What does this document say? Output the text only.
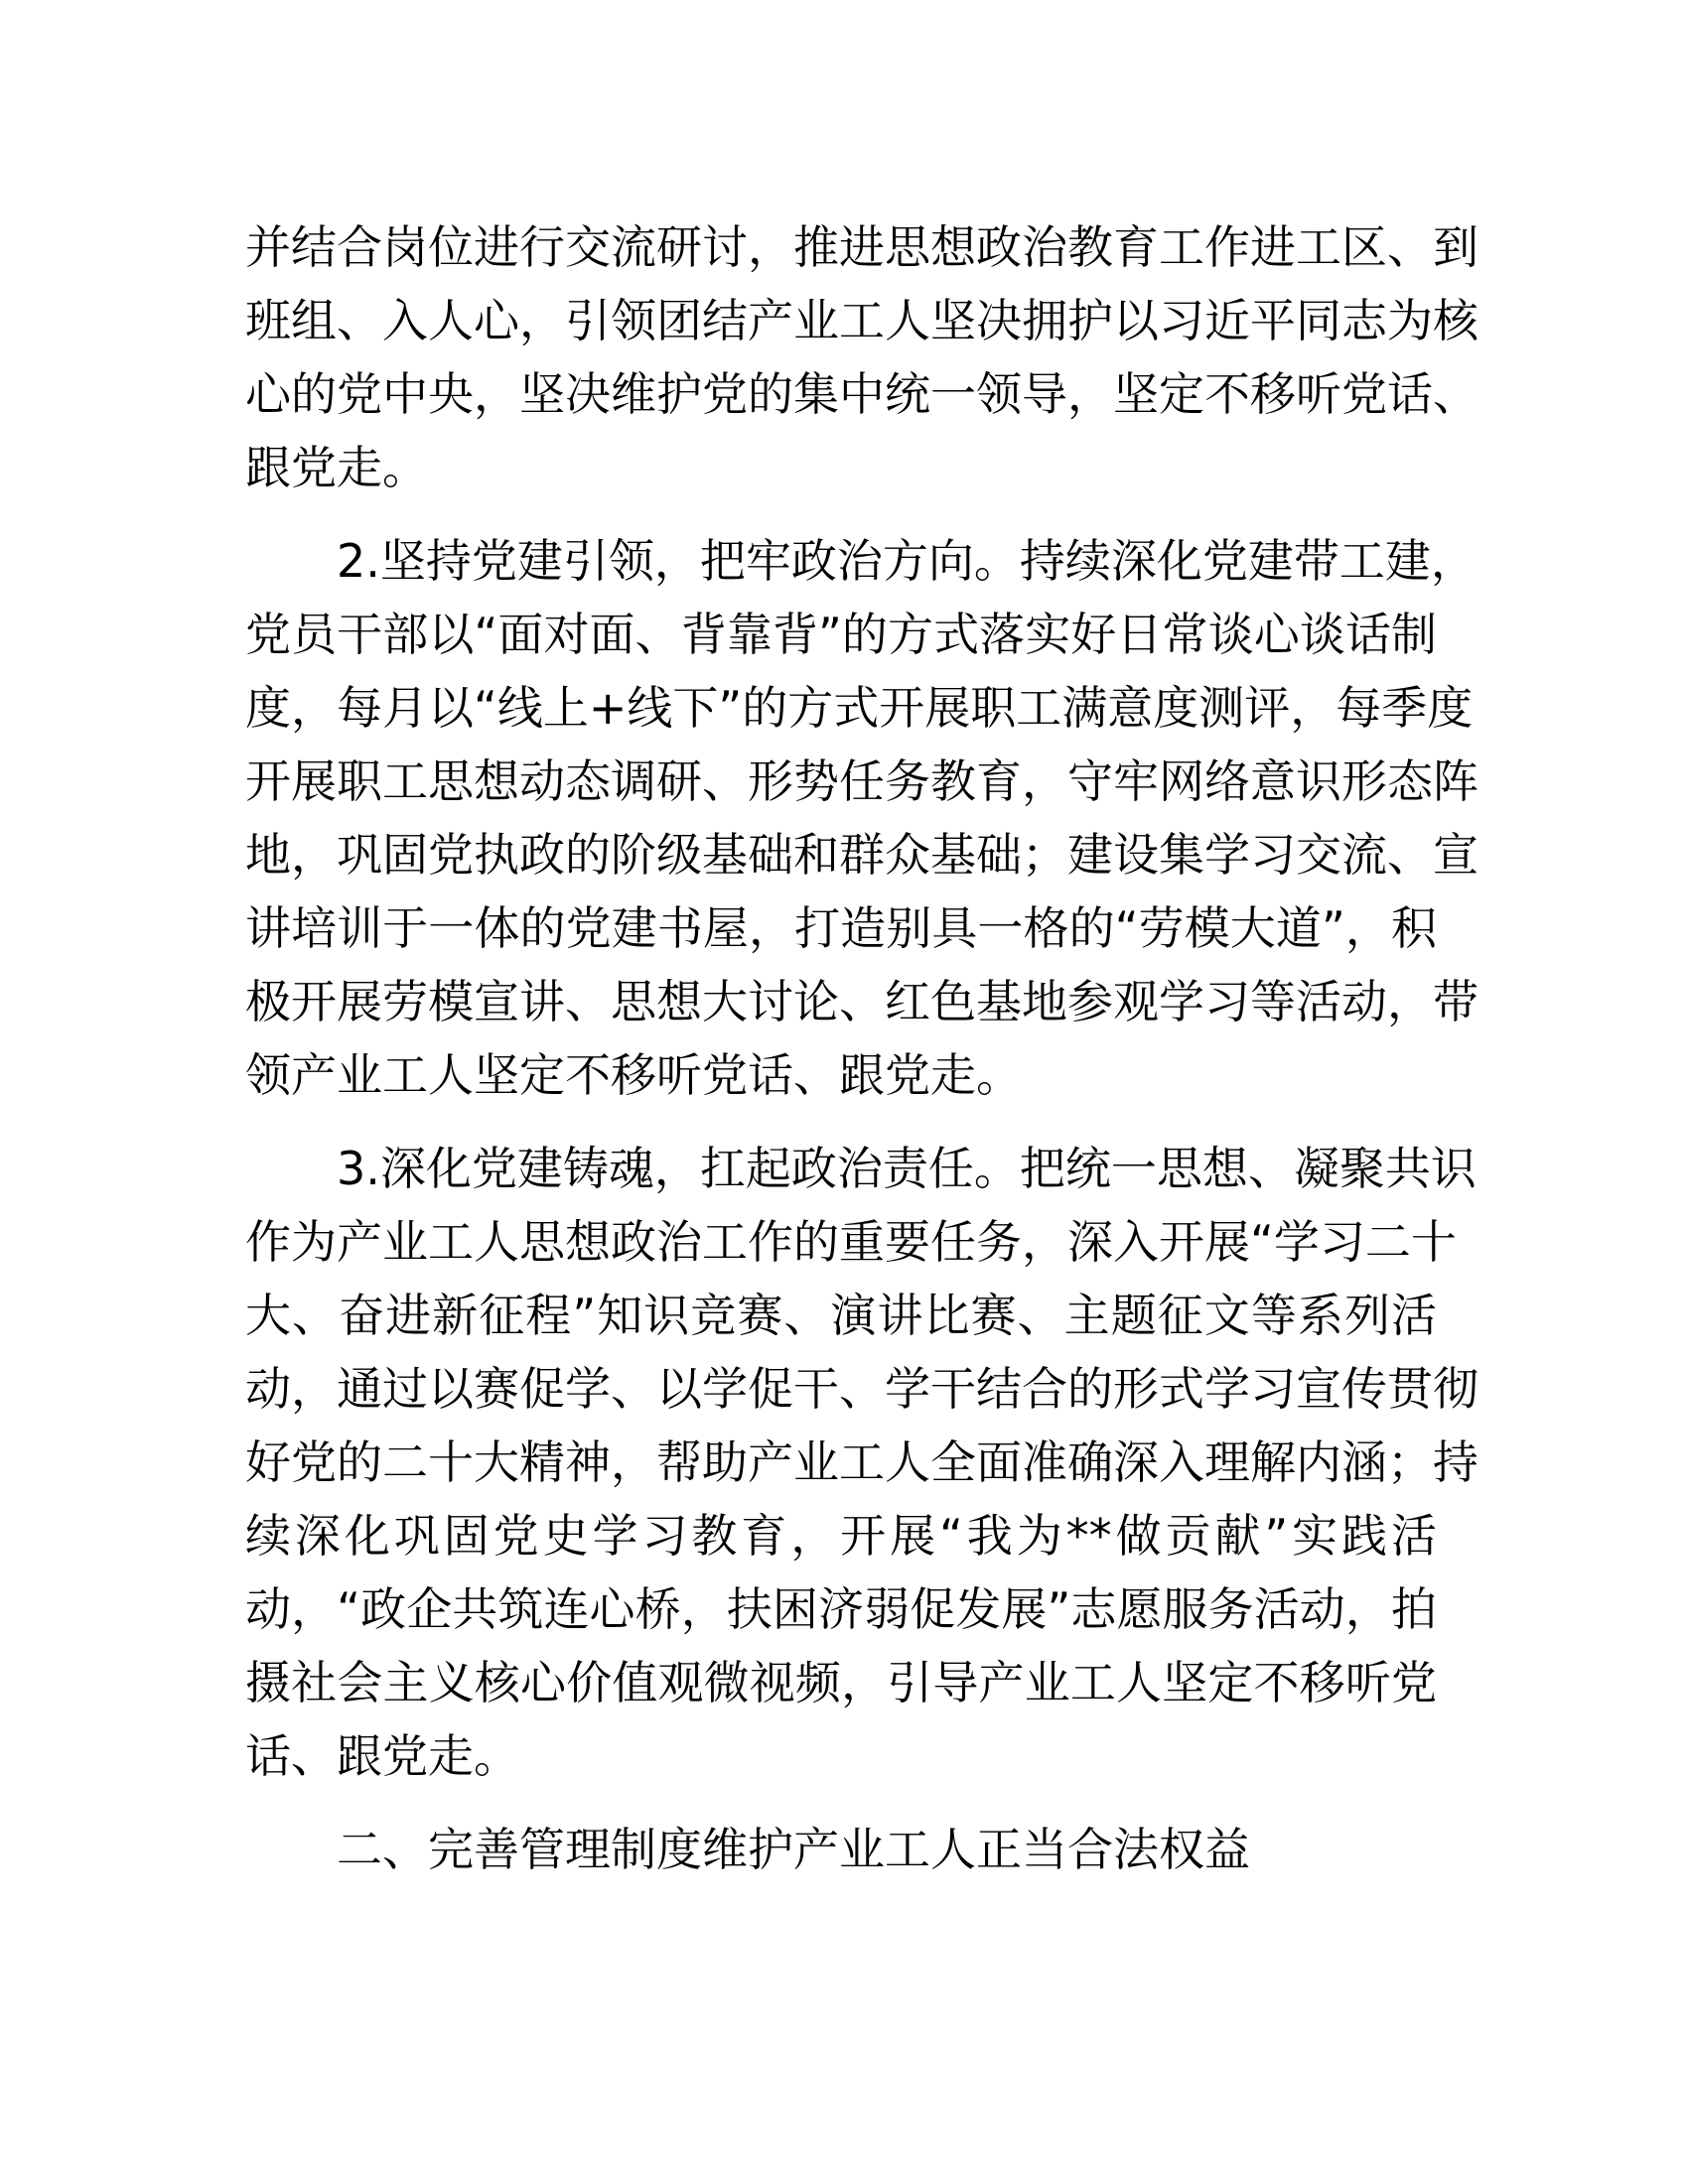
并结合岗位进行交流研讨，推进思想政治教育工作进工区、到
班组、入人心，引领团结产业工人坚决拥护以习近平同志为核
心的党中央，坚决维护党的集中统一领导，坚定不移听党话、
跟党走。
2.坚持党建引领，把牢政治方向。持续深化党建带工建，
党员干部以“面对面、背靠背”的方式落实好日常谈心谈话制
度，每月以“线上+线下”的方式开展职工满意度测评，每季度
开展职工思想动态调研、形势任务教育，守牢网络意识形态阵
地，巩固党执政的阶级基础和群众基础；建设集学习交流、宣
讲培训于一体的党建书屋，打造别具一格的“劳模大道”，积
极开展劳模宣讲、思想大讨论、红色基地参观学习等活动，带
领产业工人坚定不移听党话、跟党走。
3.深化党建铸魂，扛起政治责任。把统一思想、凝聚共识
作为产业工人思想政治工作的重要任务，深入开展“学习二十
大、奋进新征程”知识竞赛、演讲比赛、主题征文等系列活
动，通过以赛促学、以学促干、学干结合的形式学习宣传贯彻
好党的二十大精神，帮助产业工人全面准确深入理解内涵；持
续深化巩固党史学习教育，开展“我为**做贡献”实践活
动，“政企共筑连心桥，扶困济弱促发展”志愿服务活动，拍
摄社会主义核心价值观微视频，引导产业工人坚定不移听党
话、跟党走。
二、完善管理制度维护产业工人正当合法权益
